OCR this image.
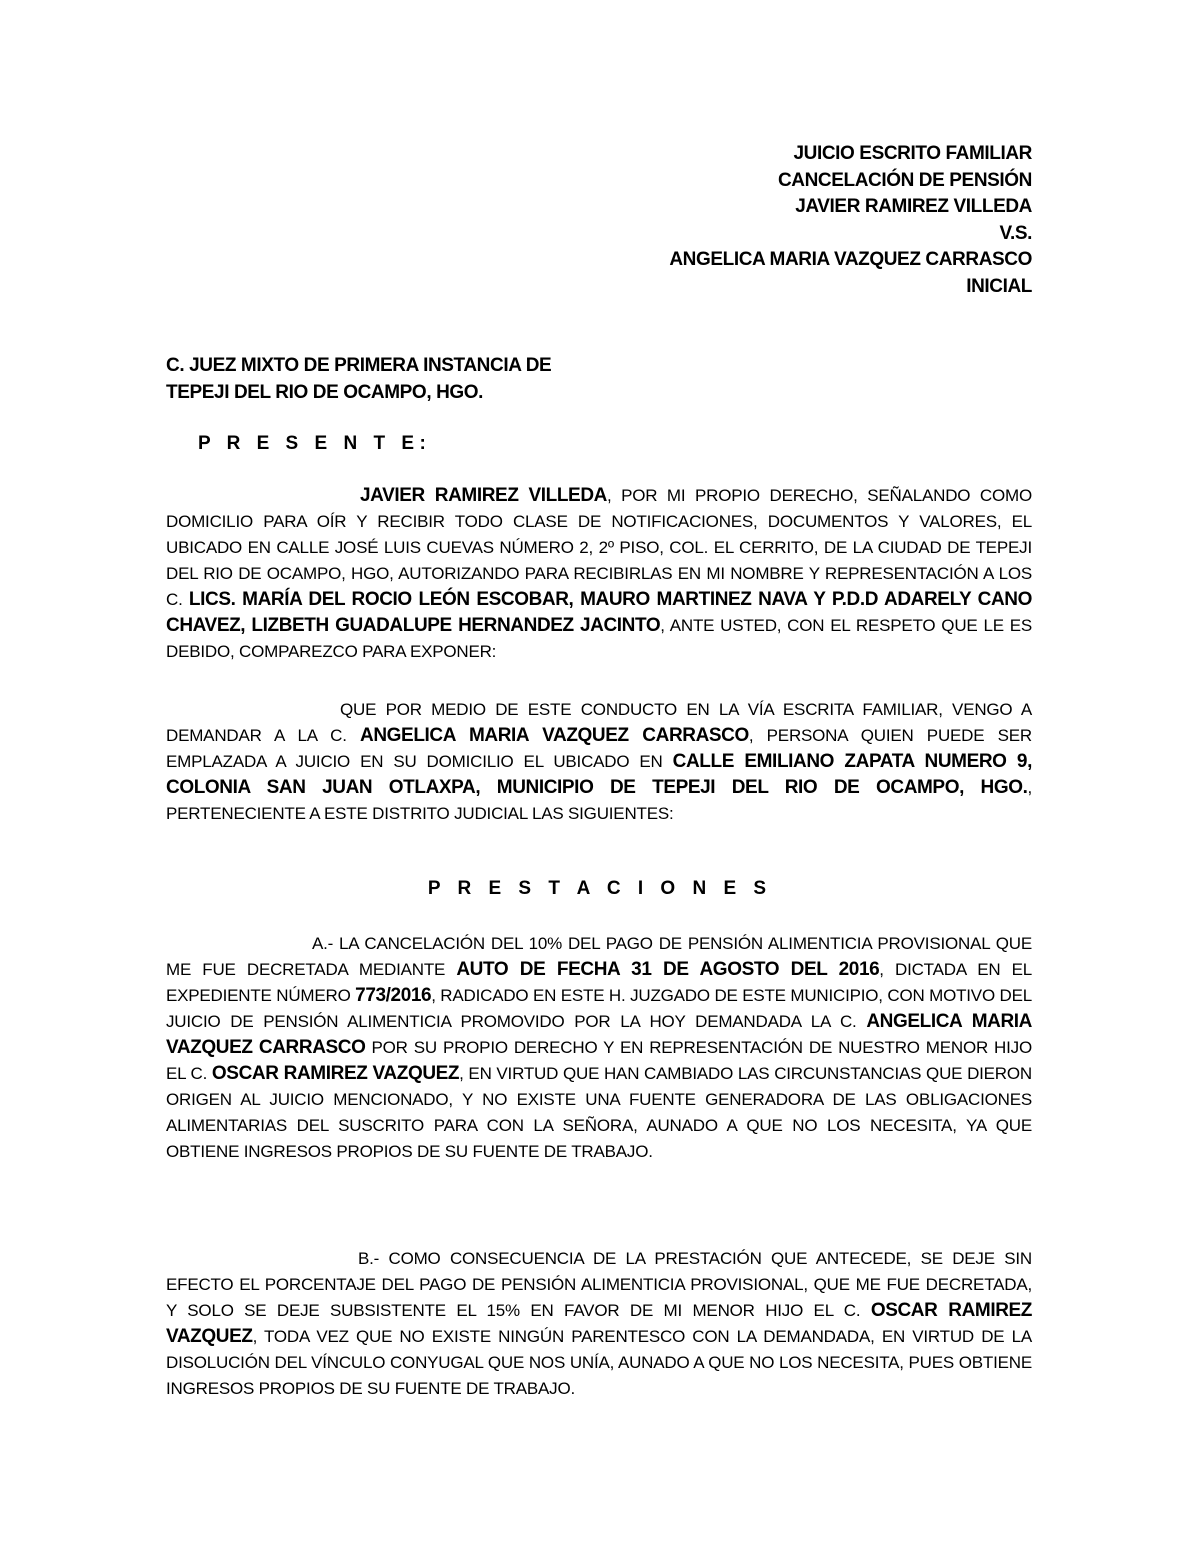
JUICIO ESCRITO FAMILIAR
CANCELACIÓN DE PENSIÓN
JAVIER RAMIREZ VILLEDA
V.S.
ANGELICA MARIA VAZQUEZ CARRASCO
INICIAL
C. JUEZ MIXTO DE PRIMERA INSTANCIA DE
TEPEJI DEL RIO DE OCAMPO, HGO.
P R E S E N T E:
JAVIER RAMIREZ VILLEDA, POR MI PROPIO DERECHO, SEÑALANDO COMO DOMICILIO PARA OÍR Y RECIBIR TODO CLASE DE NOTIFICACIONES, DOCUMENTOS Y VALORES, EL UBICADO EN CALLE JOSÉ LUIS CUEVAS NÚMERO 2, 2º PISO, COL. EL CERRITO, DE LA CIUDAD DE TEPEJI DEL RIO DE OCAMPO, HGO, AUTORIZANDO PARA RECIBIRLAS EN MI NOMBRE Y REPRESENTACIÓN A LOS C. LICS. MARÍA DEL ROCIO LEÓN ESCOBAR, MAURO MARTINEZ NAVA Y P.D.D ADARELY CANO CHAVEZ, LIZBETH GUADALUPE HERNANDEZ JACINTO, ANTE USTED, CON EL RESPETO QUE LE ES DEBIDO, COMPAREZCO PARA EXPONER:
QUE POR MEDIO DE ESTE CONDUCTO EN LA VÍA ESCRITA FAMILIAR, VENGO A DEMANDAR A LA C. ANGELICA MARIA VAZQUEZ CARRASCO, PERSONA QUIEN PUEDE SER EMPLAZADA A JUICIO EN SU DOMICILIO EL UBICADO EN CALLE EMILIANO ZAPATA NUMERO 9, COLONIA SAN JUAN OTLAXPA, MUNICIPIO DE TEPEJI DEL RIO DE OCAMPO, HGO., PERTENECIENTE A ESTE DISTRITO JUDICIAL LAS SIGUIENTES:
P R E S T A C I O N E S
A.- LA CANCELACIÓN DEL 10% DEL PAGO DE PENSIÓN ALIMENTICIA PROVISIONAL QUE ME FUE DECRETADA MEDIANTE AUTO DE FECHA 31 DE AGOSTO DEL 2016, DICTADA EN EL EXPEDIENTE NÚMERO 773/2016, RADICADO EN ESTE H. JUZGADO DE ESTE MUNICIPIO, CON MOTIVO DEL JUICIO DE PENSIÓN ALIMENTICIA PROMOVIDO POR LA HOY DEMANDADA LA C. ANGELICA MARIA VAZQUEZ CARRASCO POR SU PROPIO DERECHO Y EN REPRESENTACIÓN DE NUESTRO MENOR HIJO EL C. OSCAR RAMIREZ VAZQUEZ, EN VIRTUD QUE HAN CAMBIADO LAS CIRCUNSTANCIAS QUE DIERON ORIGEN AL JUICIO MENCIONADO, Y NO EXISTE UNA FUENTE GENERADORA DE LAS OBLIGACIONES ALIMENTARIAS DEL SUSCRITO PARA CON LA SEÑORA, AUNADO A QUE NO LOS NECESITA, YA QUE OBTIENE INGRESOS PROPIOS DE SU FUENTE DE TRABAJO.
B.- COMO CONSECUENCIA DE LA PRESTACIÓN QUE ANTECEDE, SE DEJE SIN EFECTO EL PORCENTAJE DEL PAGO DE PENSIÓN ALIMENTICIA PROVISIONAL, QUE ME FUE DECRETADA, Y SOLO SE DEJE SUBSISTENTE EL 15% EN FAVOR DE MI MENOR HIJO EL C. OSCAR RAMIREZ VAZQUEZ, TODA VEZ QUE NO EXISTE NINGÚN PARENTESCO CON LA DEMANDADA, EN VIRTUD DE LA DISOLUCIÓN DEL VÍNCULO CONYUGAL QUE NOS UNÍA, AUNADO A QUE NO LOS NECESITA, PUES OBTIENE INGRESOS PROPIOS DE SU FUENTE DE TRABAJO.
